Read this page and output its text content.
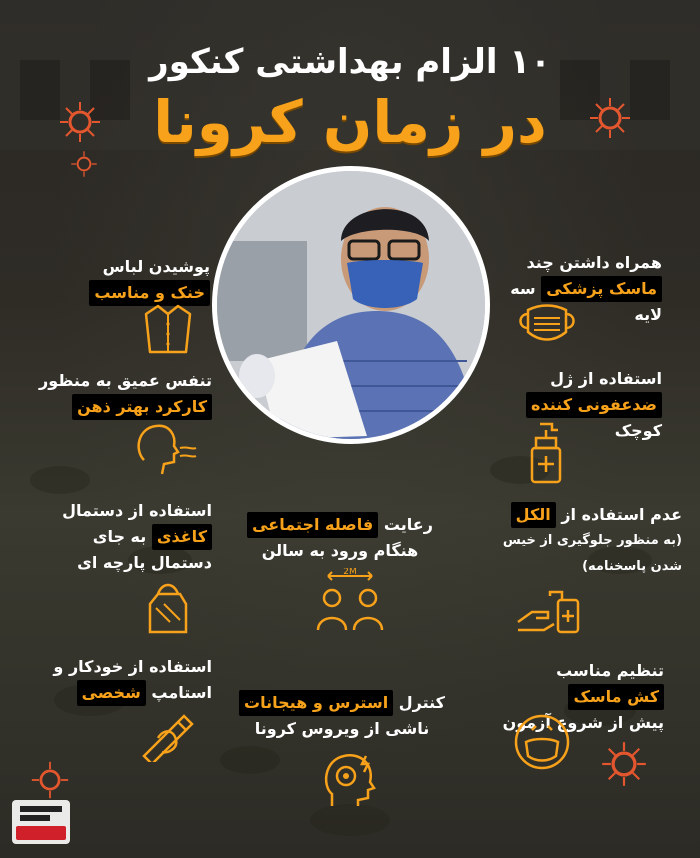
۱۰ الزام بهداشتی کنکور
در زمان کرونا
پوشیدن لباس
خنک و مناسب
تنفس عمیق به منظور
کارکرد بهتر ذهن
استفاده از دستمال
کاغذی به جای
دستمال پارچه ای
استفاده از خودکار و
استامپ شخصی
همراه داشتن چند
ماسک پزشکی سه لایه
استفاده از ژل
ضدعفونی کننده کوچک
عدم استفاده از الکل
(به منظور جلوگیری از خیس
شدن پاسخنامه)
تنظیم مناسب کش ماسک
پیش از شروع آزمون
رعایت فاصله اجتماعی
هنگام ورود به سالن
2M
کنترل استرس و هیجانات
ناشی از ویروس کرونا
